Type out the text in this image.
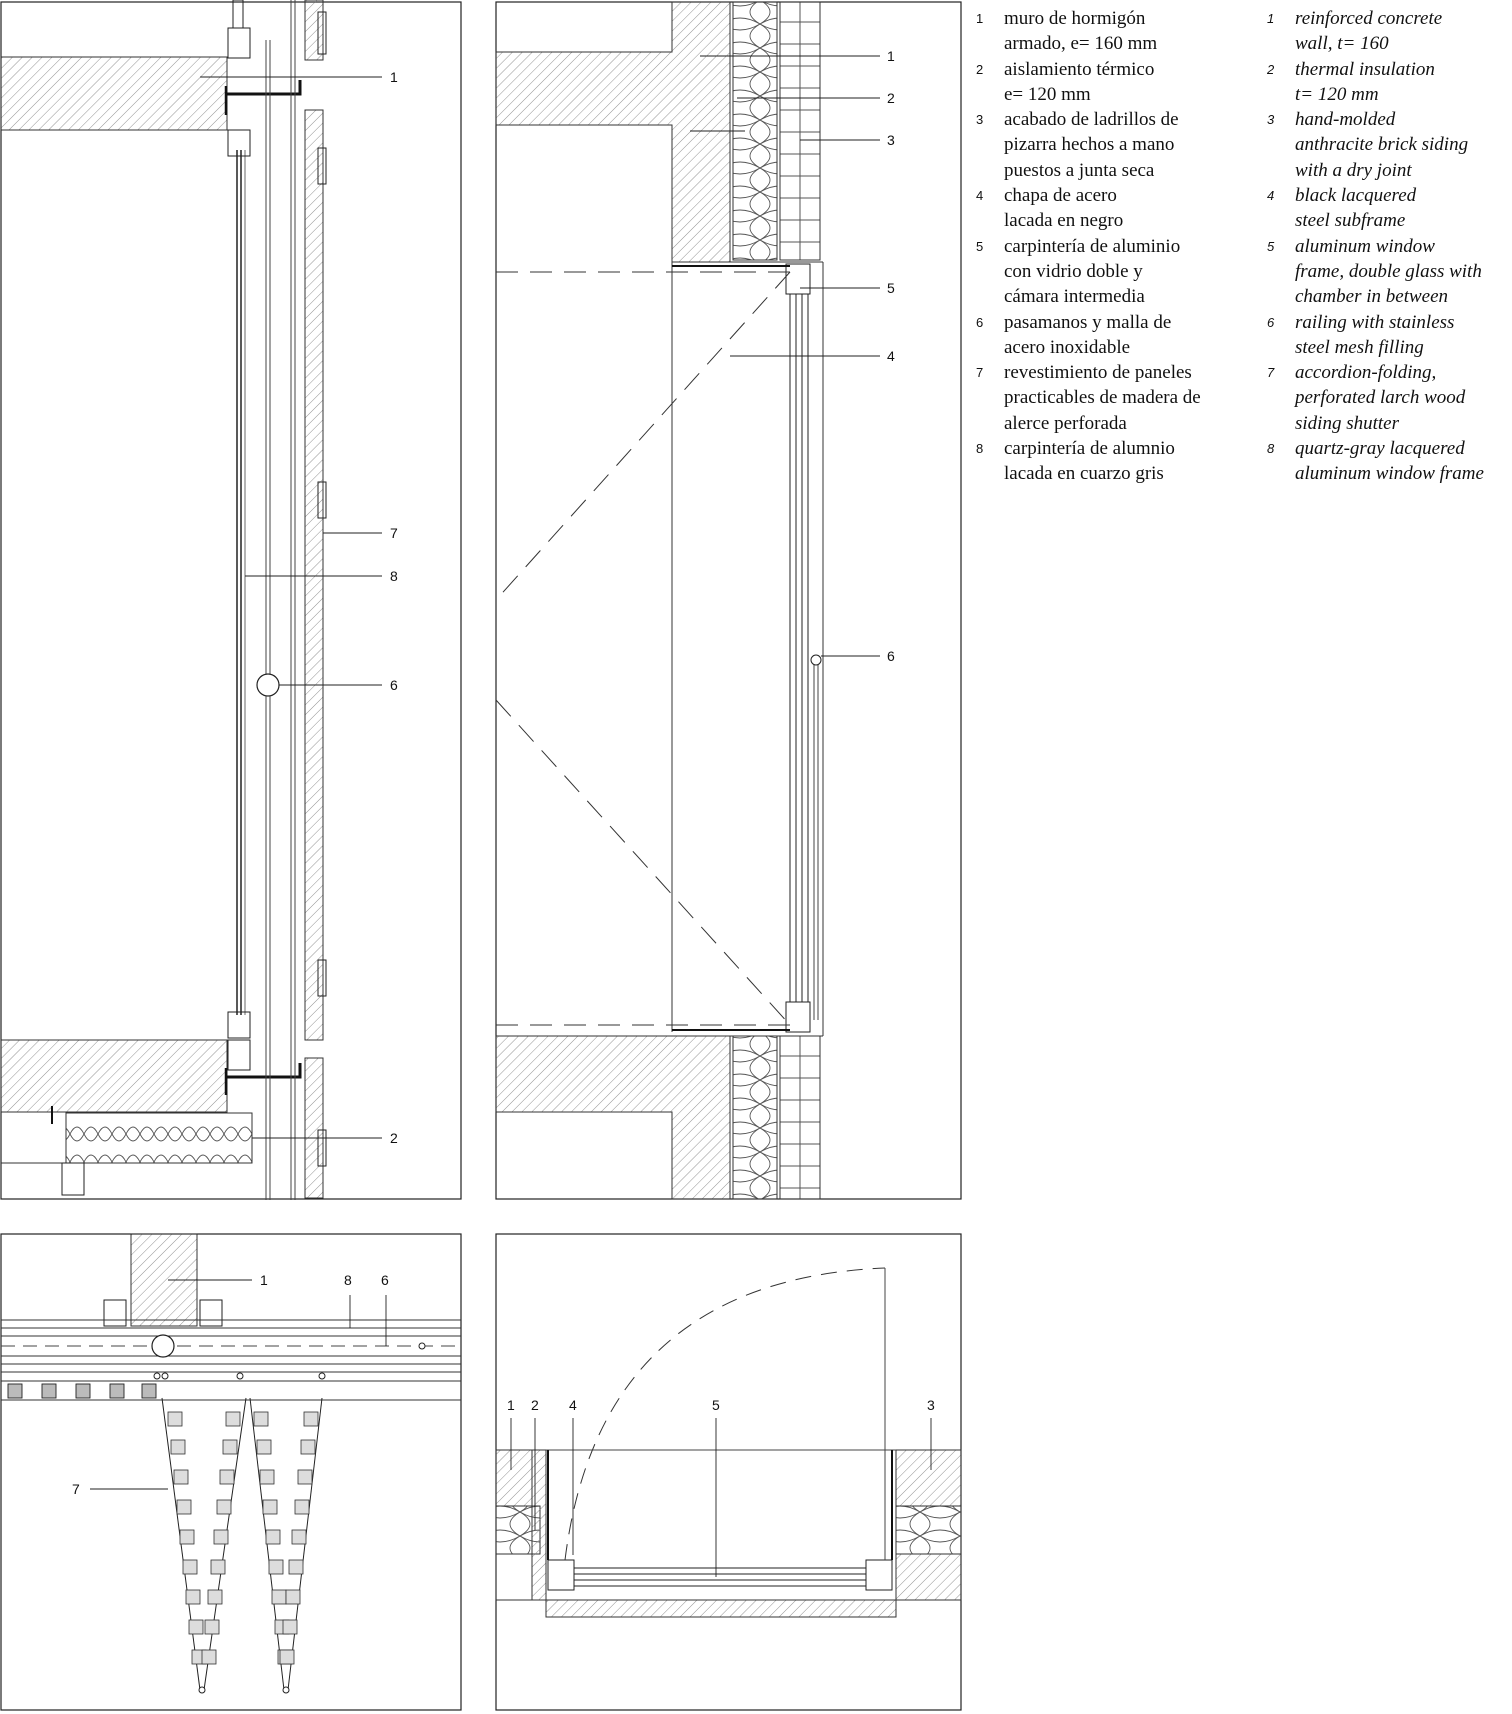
1
2
7
8
6
1
2
3
5
4
6
1	8 6
7
1 2 4	5	3
1	muro de hormigón
armado, e= 160 mm
2	aislamiento térmico
e= 120 mm
3	acabado de ladrillos de
pizarra hechos a mano
puestos a junta seca
4	chapa de acero
lacada en negro
5	carpintería de aluminio
con vidrio doble y
cámara intermedia
6	pasamanos y malla de
acero inoxidable
7	revestimiento de paneles
practicables de madera de
alerce perforada
8	carpintería de alumnio
lacada en cuarzo gris
1	reinforced concrete
wall, t= 160
2	thermal insulation
t= 120 mm
3	hand-molded
anthracite brick siding
with a dry joint
4	black lacquered
steel subframe
5	aluminum window
frame, double glass with
chamber in between
6	railing with stainless
steel mesh filling
7	accordion-folding,
perforated larch wood
siding shutter
8	quartz-gray lacquered
aluminum window frame
